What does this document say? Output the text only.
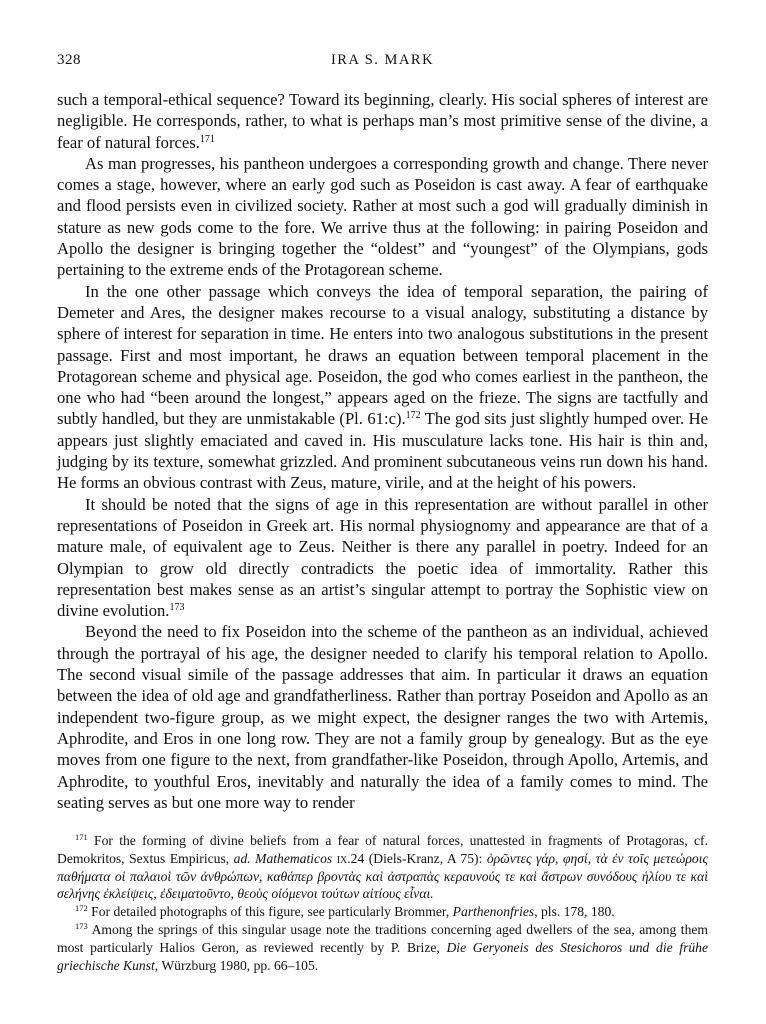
328	IRA S. MARK

such a temporal-ethical sequence? Toward its beginning, clearly. His social spheres of interest are negligible. He corresponds, rather, to what is perhaps man’s most primitive sense of the divine, a fear of natural forces.$^{171}$

As man progresses, his pantheon undergoes a corresponding growth and change. There never comes a stage, however, where an early god such as Poseidon is cast away. A fear of earthquake and flood persists even in civilized society. Rather at most such a god will gradually diminish in stature as new gods come to the fore. We arrive thus at the following: in pairing Poseidon and Apollo the designer is bringing together the “oldest” and “youngest” of the Olympians, gods pertaining to the extreme ends of the Protagorean scheme.

In the one other passage which conveys the idea of temporal separation, the pairing of Demeter and Ares, the designer makes recourse to a visual analogy, substituting a distance by sphere of interest for separation in time. He enters into two analogous substitutions in the present passage. First and most important, he draws an equation between temporal placement in the Protagorean scheme and physical age. Poseidon, the god who comes earliest in the pantheon, the one who had “been around the longest,” appears aged on the frieze. The signs are tactfully and subtly handled, but they are unmistakable (Pl. 61:c).$^{172}$ The god sits just slightly humped over. He appears just slightly emaciated and caved in. His musculature lacks tone. His hair is thin and, judging by its texture, somewhat grizzled. And prominent subcutaneous veins run down his hand. He forms an obvious contrast with Zeus, mature, virile, and at the height of his powers.

It should be noted that the signs of age in this representation are without parallel in other representations of Poseidon in Greek art. His normal physiognomy and appearance are that of a mature male, of equivalent age to Zeus. Neither is there any parallel in poetry. Indeed for an Olympian to grow old directly contradicts the poetic idea of immortality. Rather this representation best makes sense as an artist’s singular attempt to portray the Sophistic view on divine evolution.$^{173}$

Beyond the need to fix Poseidon into the scheme of the pantheon as an individual, achieved through the portrayal of his age, the designer needed to clarify his temporal relation to Apollo. The second visual simile of the passage addresses that aim. In particular it draws an equation between the idea of old age and grandfatherliness. Rather than portray Poseidon and Apollo as an independent two-figure group, as we might expect, the designer ranges the two with Artemis, Aphrodite, and Eros in one long row. They are not a family group by genealogy. But as the eye moves from one figure to the next, from grandfather-like Poseidon, through Apollo, Artemis, and Aphrodite, to youthful Eros, inevitably and naturally the idea of a family comes to mind. The seating serves as but one more way to render

$^{171}$ For the forming of divine beliefs from a fear of natural forces, unattested in fragments of Protagoras, cf. Demokritos, Sextus Empiricus, ad. Mathematicos ix.24 (Diels-Kranz, A 75): ὁρῶντες γάρ, φησί, τὰ ἐν τοῖς μετεώροις παθήματα οἱ παλαιοὶ τῶν ἀνθρώπων, καθάπερ βροντὰς καὶ ἀστραπὰς κεραυνούς τε καὶ ἄστρων συνόδους ἡλίου τε καὶ σελήνης ἐκλείψεις, ἐδειματοῦντο, θεοὺς οἰόμενοι τούτων αἰτίους εἶναι.

$^{172}$ For detailed photographs of this figure, see particularly Brommer, Parthenonfries, pls. 178, 180.

$^{173}$ Among the springs of this singular usage note the traditions concerning aged dwellers of the sea, among them most particularly Halios Geron, as reviewed recently by P. Brize, Die Geryoneis des Stesichoros und die frühe griechische Kunst, Würzburg 1980, pp. 66–105.
